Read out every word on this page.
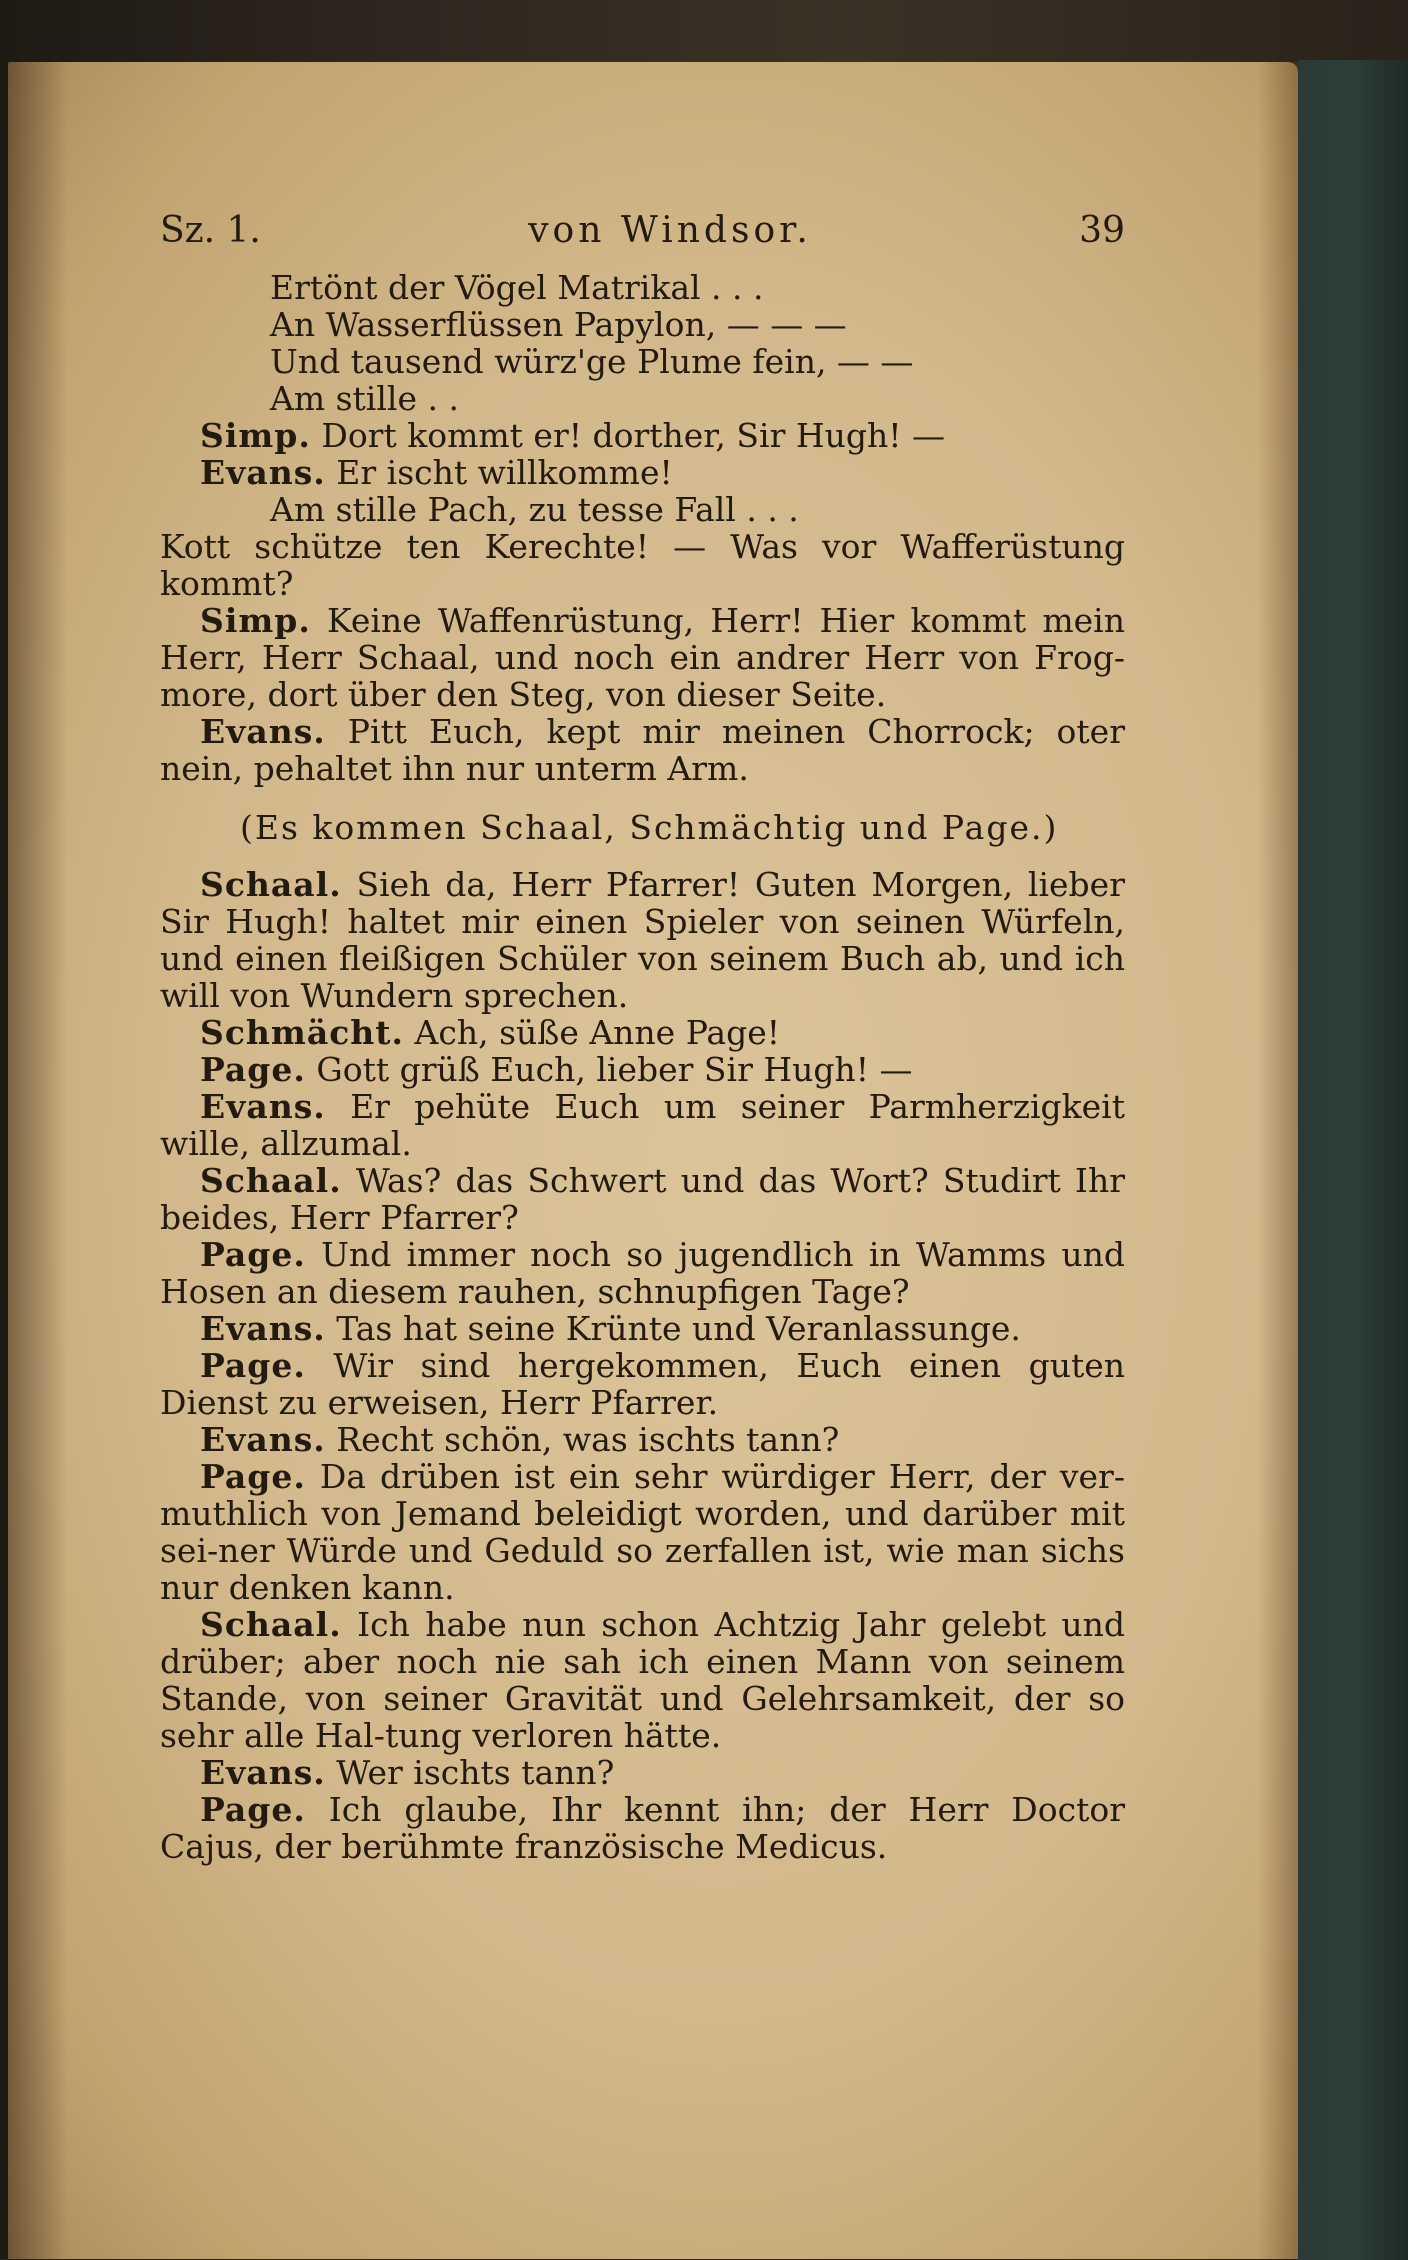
Sz. 1.	von Windsor.	39

Ertönt der Vögel Matrikal . . .

An Wasserflüssen Papylon, — — —

Und tausend würz'ge Plume fein, — —

Am stille . .

Simp. Dort kommt er! dorther, Sir Hugh! —

Evans. Er ischt willkomme!

Am stille Pach, zu tesse Fall . . .

Kott schütze ten Kerechte! — Was vor Wafferüstung kommt?

Simp. Keine Waffenrüstung, Herr! Hier kommt mein Herr, Herr Schaal, und noch ein andrer Herr von Frog-more, dort über den Steg, von dieser Seite.

Evans. Pitt Euch, kept mir meinen Chorrock; oter nein, pehaltet ihn nur unterm Arm.

(Es kommen Schaal, Schmächtig und Page.)

Schaal. Sieh da, Herr Pfarrer! Guten Morgen, lieber Sir Hugh! haltet mir einen Spieler von seinen Würfeln, und einen fleißigen Schüler von seinem Buch ab, und ich will von Wundern sprechen.

Schmächt. Ach, süße Anne Page!

Page. Gott grüß Euch, lieber Sir Hugh! —

Evans. Er pehüte Euch um seiner Parmherzigkeit wille, allzumal.

Schaal. Was? das Schwert und das Wort? Studirt Ihr beides, Herr Pfarrer?

Page. Und immer noch so jugendlich in Wamms und Hosen an diesem rauhen, schnupfigen Tage?

Evans. Tas hat seine Krünte und Veranlassunge.

Page. Wir sind hergekommen, Euch einen guten Dienst zu erweisen, Herr Pfarrer.

Evans. Recht schön, was ischts tann?

Page. Da drüben ist ein sehr würdiger Herr, der ver-muthlich von Jemand beleidigt worden, und darüber mit sei-ner Würde und Geduld so zerfallen ist, wie man sichs nur denken kann.

Schaal. Ich habe nun schon Achtzig Jahr gelebt und drüber; aber noch nie sah ich einen Mann von seinem Stande, von seiner Gravität und Gelehrsamkeit, der so sehr alle Hal-tung verloren hätte.

Evans. Wer ischts tann?

Page. Ich glaube, Ihr kennt ihn; der Herr Doctor Cajus, der berühmte französische Medicus.
